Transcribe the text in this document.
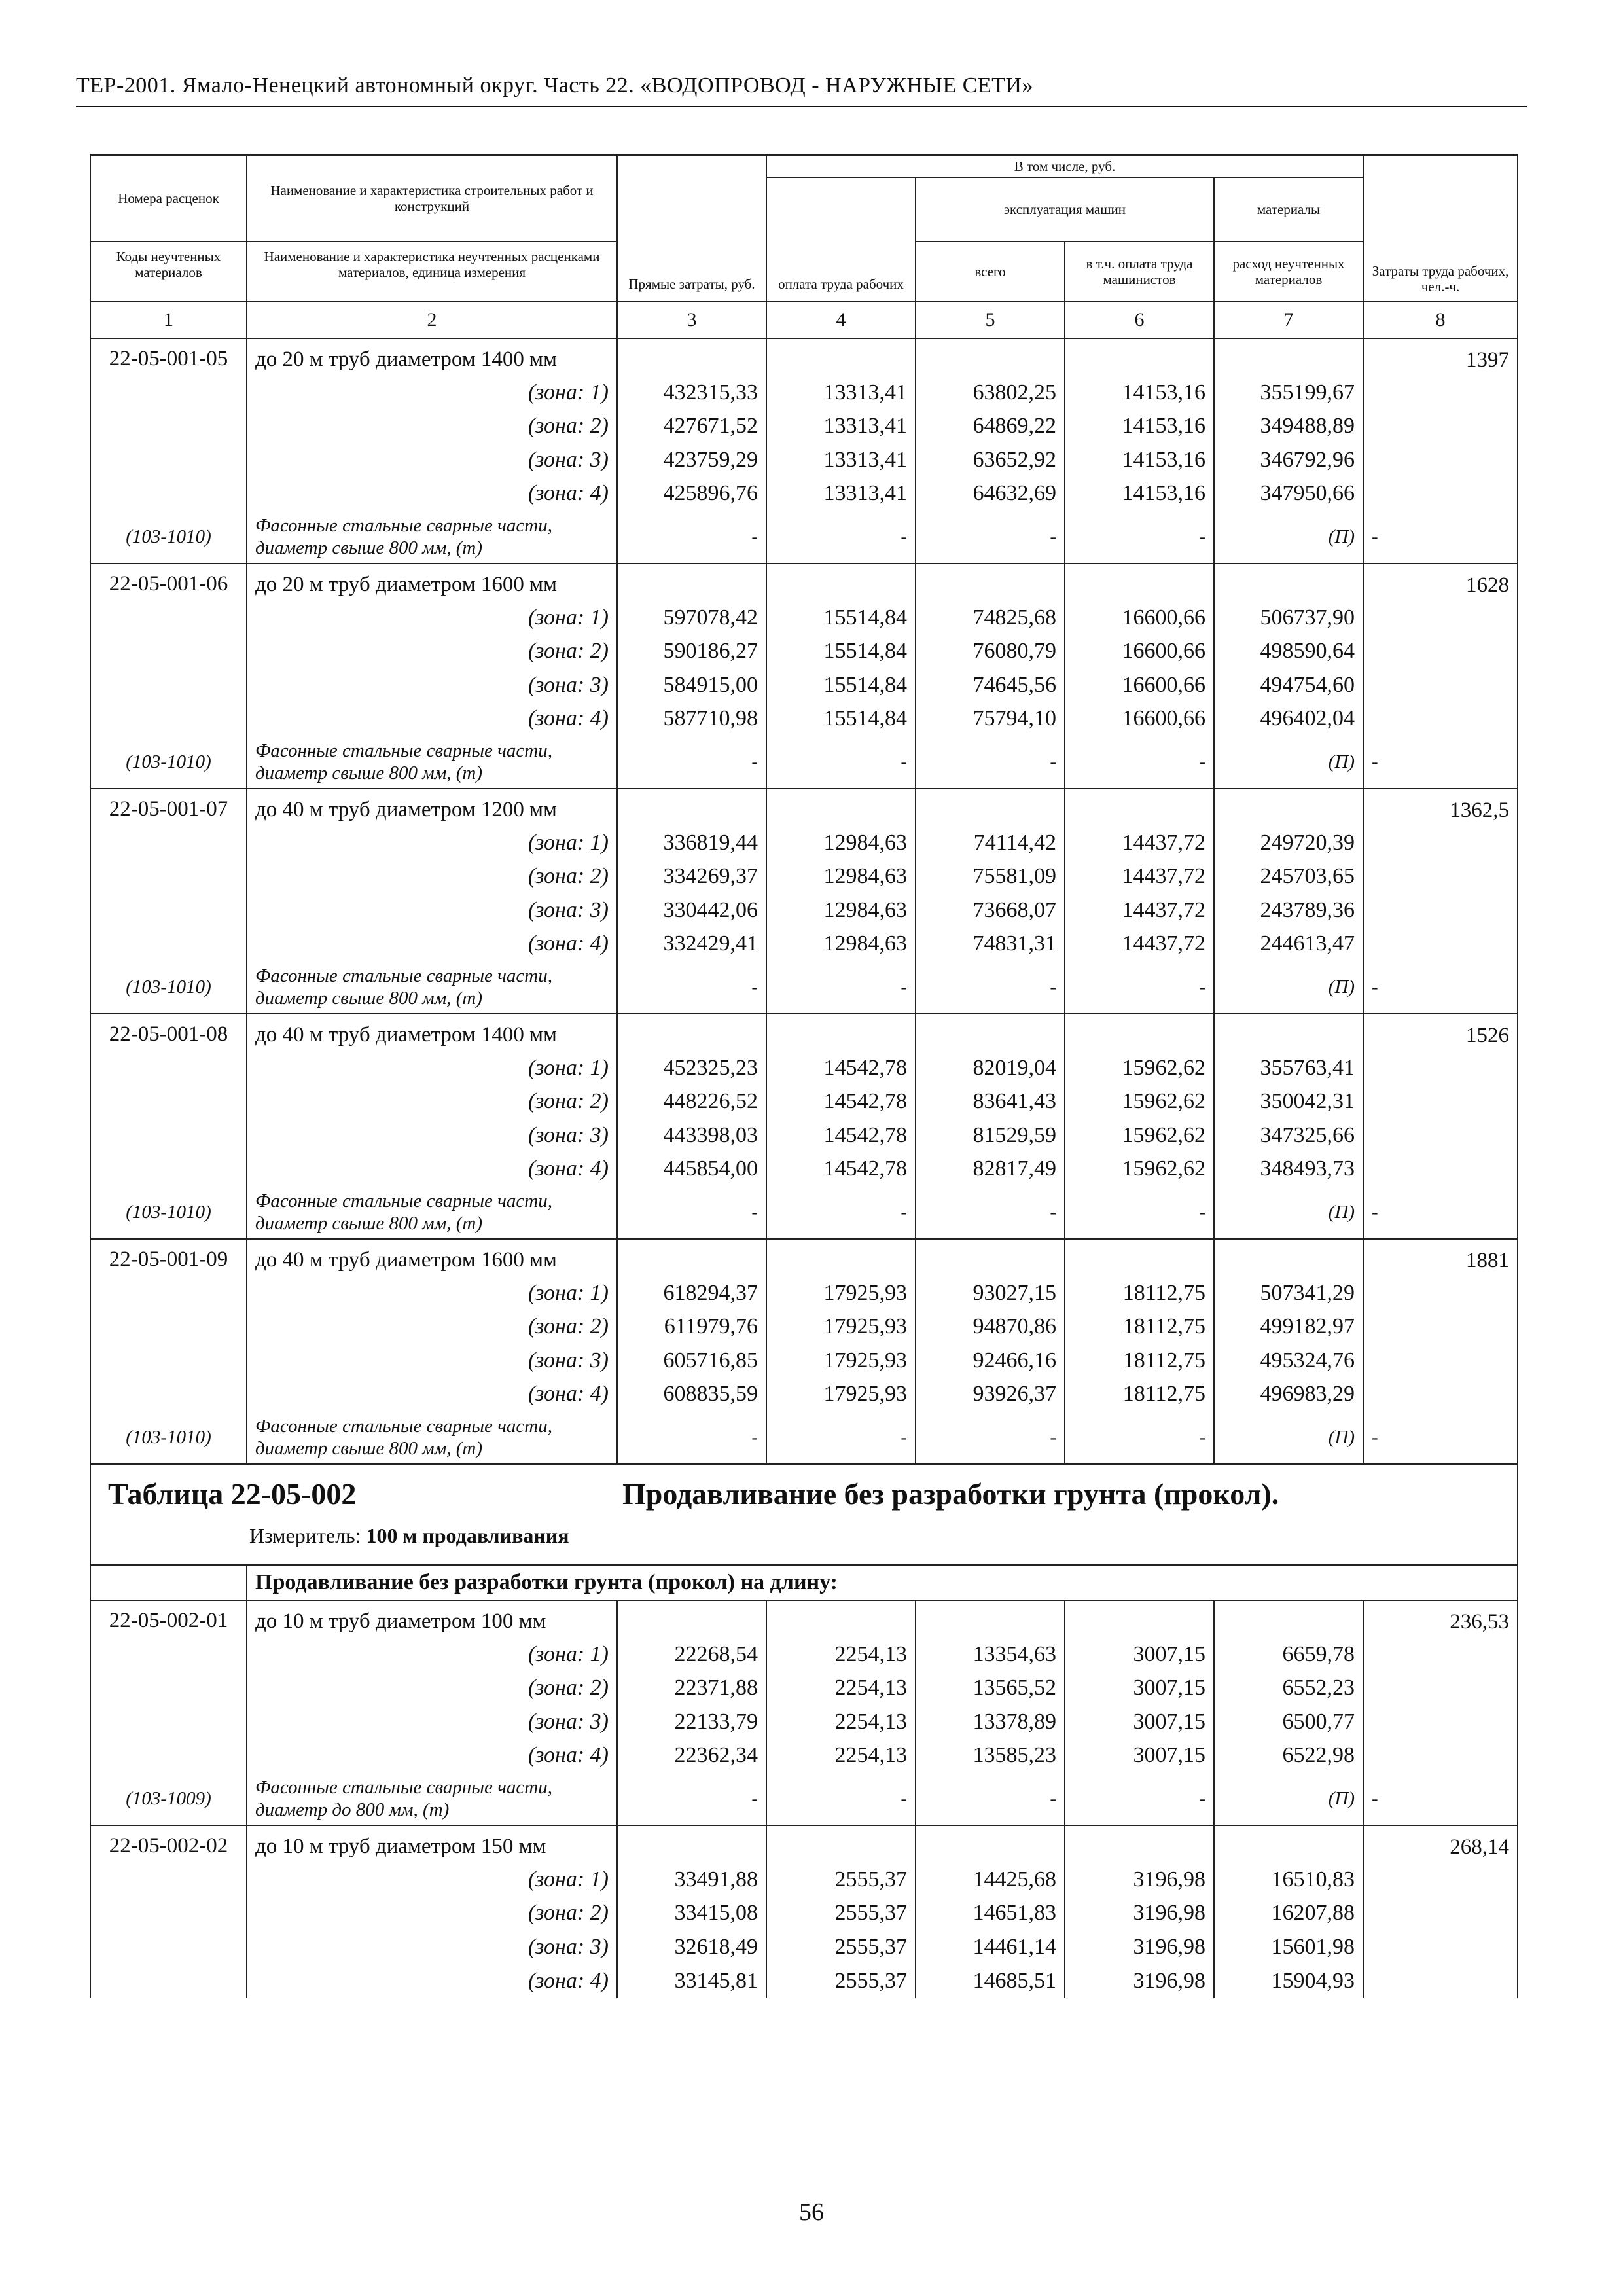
ТЕР-2001. Ямало-Ненецкий автономный округ. Часть 22. «ВОДОПРОВОД - НАРУЖНЫЕ СЕТИ»
Номера расценок	Наименование и характеристика строительных работ и конструкций	Прямые затраты, руб.	В том числе, руб.				Затраты труда рабочих, чел.-ч.
			оплата труда рабочих	эксплуатация машин		материалы	
Коды неучтенных материалов	Наименование и характеристика неучтенных расценками материалов, единица измерения			всего	в т.ч. оплата труда машинистов	расход неучтенных материалов	

1	2	3	4	5	6	7	8
22-05-001-05	до 20 м труб диаметром 1400 мм						1397
	(зона: 1)	432315,33	13313,41	63802,25	14153,16	355199,67	
	(зона: 2)	427671,52	13313,41	64869,22	14153,16	349488,89	
	(зона: 3)	423759,29	13313,41	63652,92	14153,16	346792,96	
	(зона: 4)	425896,76	13313,41	64632,69	14153,16	347950,66	
(103-1010)	Фасонные стальные сварные части, диаметр свыше 800 мм, (т)	-	-	-	-	(П)	-
22-05-001-06	до 20 м труб диаметром 1600 мм						1628
	(зона: 1)	597078,42	15514,84	74825,68	16600,66	506737,90	
	(зона: 2)	590186,27	15514,84	76080,79	16600,66	498590,64	
	(зона: 3)	584915,00	15514,84	74645,56	16600,66	494754,60	
	(зона: 4)	587710,98	15514,84	75794,10	16600,66	496402,04	
(103-1010)	Фасонные стальные сварные части, диаметр свыше 800 мм, (т)	-	-	-	-	(П)	-
22-05-001-07	до 40 м труб диаметром 1200 мм						1362,5
	(зона: 1)	336819,44	12984,63	74114,42	14437,72	249720,39	
	(зона: 2)	334269,37	12984,63	75581,09	14437,72	245703,65	
	(зона: 3)	330442,06	12984,63	73668,07	14437,72	243789,36	
	(зона: 4)	332429,41	12984,63	74831,31	14437,72	244613,47	
(103-1010)	Фасонные стальные сварные части, диаметр свыше 800 мм, (т)	-	-	-	-	(П)	-
22-05-001-08	до 40 м труб диаметром 1400 мм						1526
	(зона: 1)	452325,23	14542,78	82019,04	15962,62	355763,41	
	(зона: 2)	448226,52	14542,78	83641,43	15962,62	350042,31	
	(зона: 3)	443398,03	14542,78	81529,59	15962,62	347325,66	
	(зона: 4)	445854,00	14542,78	82817,49	15962,62	348493,73	
(103-1010)	Фасонные стальные сварные части, диаметр свыше 800 мм, (т)	-	-	-	-	(П)	-
22-05-001-09	до 40 м труб диаметром 1600 мм						1881
	(зона: 1)	618294,37	17925,93	93027,15	18112,75	507341,29	
	(зона: 2)	611979,76	17925,93	94870,86	18112,75	499182,97	
	(зона: 3)	605716,85	17925,93	92466,16	18112,75	495324,76	
	(зона: 4)	608835,59	17925,93	93926,37	18112,75	496983,29	
(103-1010)	Фасонные стальные сварные части, диаметр свыше 800 мм, (т)	-	-	-	-	(П)	-

Таблица 22-05-002 Продавливание без разработки грунта (прокол).
Измеритель: 100 м продавливания							

	Продавливание без разработки грунта (прокол) на длину:						
22-05-002-01	до 10 м труб диаметром 100 мм						236,53
	(зона: 1)	22268,54	2254,13	13354,63	3007,15	6659,78	
	(зона: 2)	22371,88	2254,13	13565,52	3007,15	6552,23	
	(зона: 3)	22133,79	2254,13	13378,89	3007,15	6500,77	
	(зона: 4)	22362,34	2254,13	13585,23	3007,15	6522,98	
(103-1009)	Фасонные стальные сварные части, диаметр до 800 мм, (т)	-	-	-	-	(П)	-
22-05-002-02	до 10 м труб диаметром 150 мм						268,14
	(зона: 1)	33491,88	2555,37	14425,68	3196,98	16510,83	
	(зона: 2)	33415,08	2555,37	14651,83	3196,98	16207,88	
	(зона: 3)	32618,49	2555,37	14461,14	3196,98	15601,98	
	(зона: 4)	33145,81	2555,37	14685,51	3196,98	15904,93	
56
